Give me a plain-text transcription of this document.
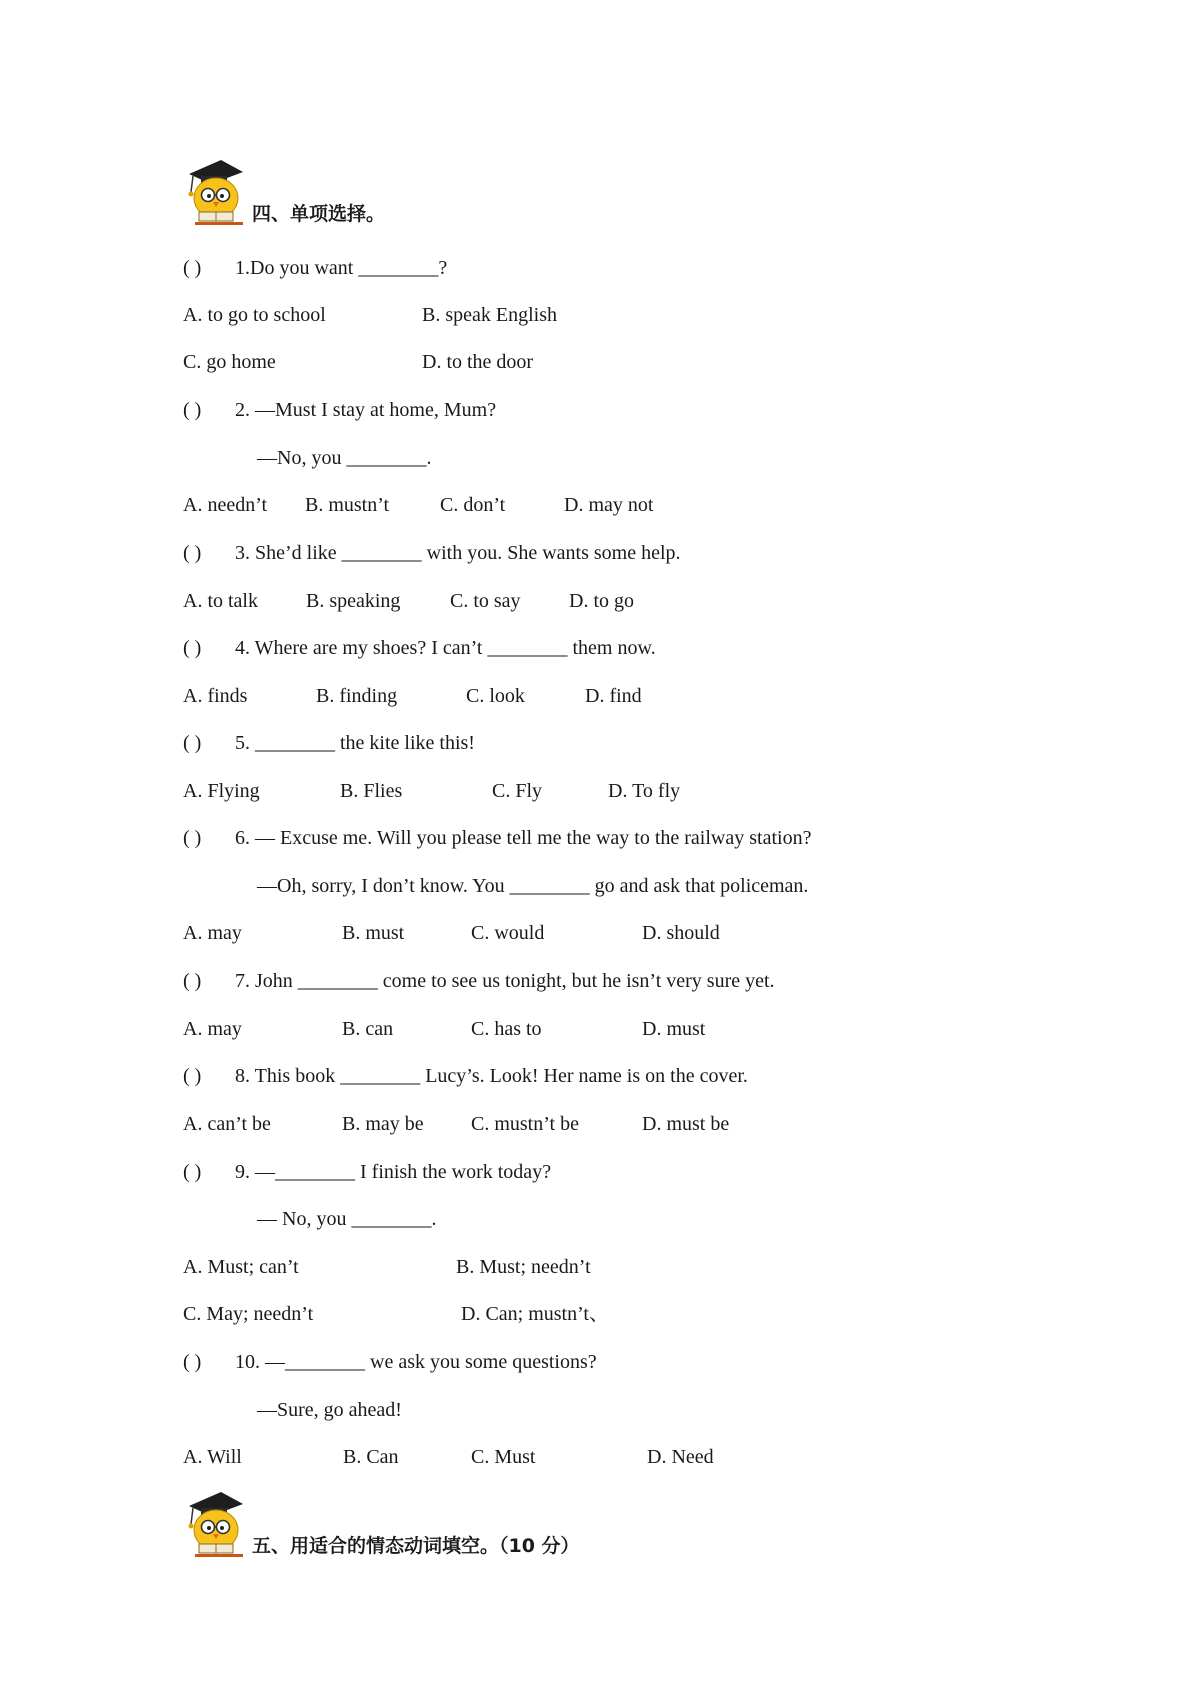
四、单项选择。
( ) 1.Do you want ________?
A. to go to school	B. speak English
C. go home	D. to the door
( ) 2. —Must I stay at home, Mum?
—No, you ________.
A. needn’t B. mustn’t	C. don’t	D. may not
( ) 3. She’d like ________ with you. She wants some help.
A. to talk B. speaking C. to say D. to go
( ) 4. Where are my shoes? I can’t ________ them now.
A. finds	B. finding	C. look	D. find
( ) 5. ________ the kite like this!
A. Flying	B. Flies	C. Fly	D. To fly
( ) 6. — Excuse me. Will you please tell me the way to the railway station?
—Oh, sorry, I don’t know. You ________ go and ask that policeman.
A. may	B. must	C. would	D. should
( ) 7. John ________ come to see us tonight, but he isn’t very sure yet.
A. may	B. can	C. has to	D. must
( ) 8. This book ________ Lucy’s. Look! Her name is on the cover.
A. can’t be	B. may be C. mustn’t be	D. must be
( ) 9. —________ I finish the work today?
— No, you ________.
A. Must; can’t	B. Must; needn’t
C. May; needn’t	D. Can; mustn’t、
( ) 10. —________ we ask you some questions?
—Sure, go ahead!
A. Will	B. Can	C. Must	D. Need
五、用适合的情态动词填空。（10 分）
